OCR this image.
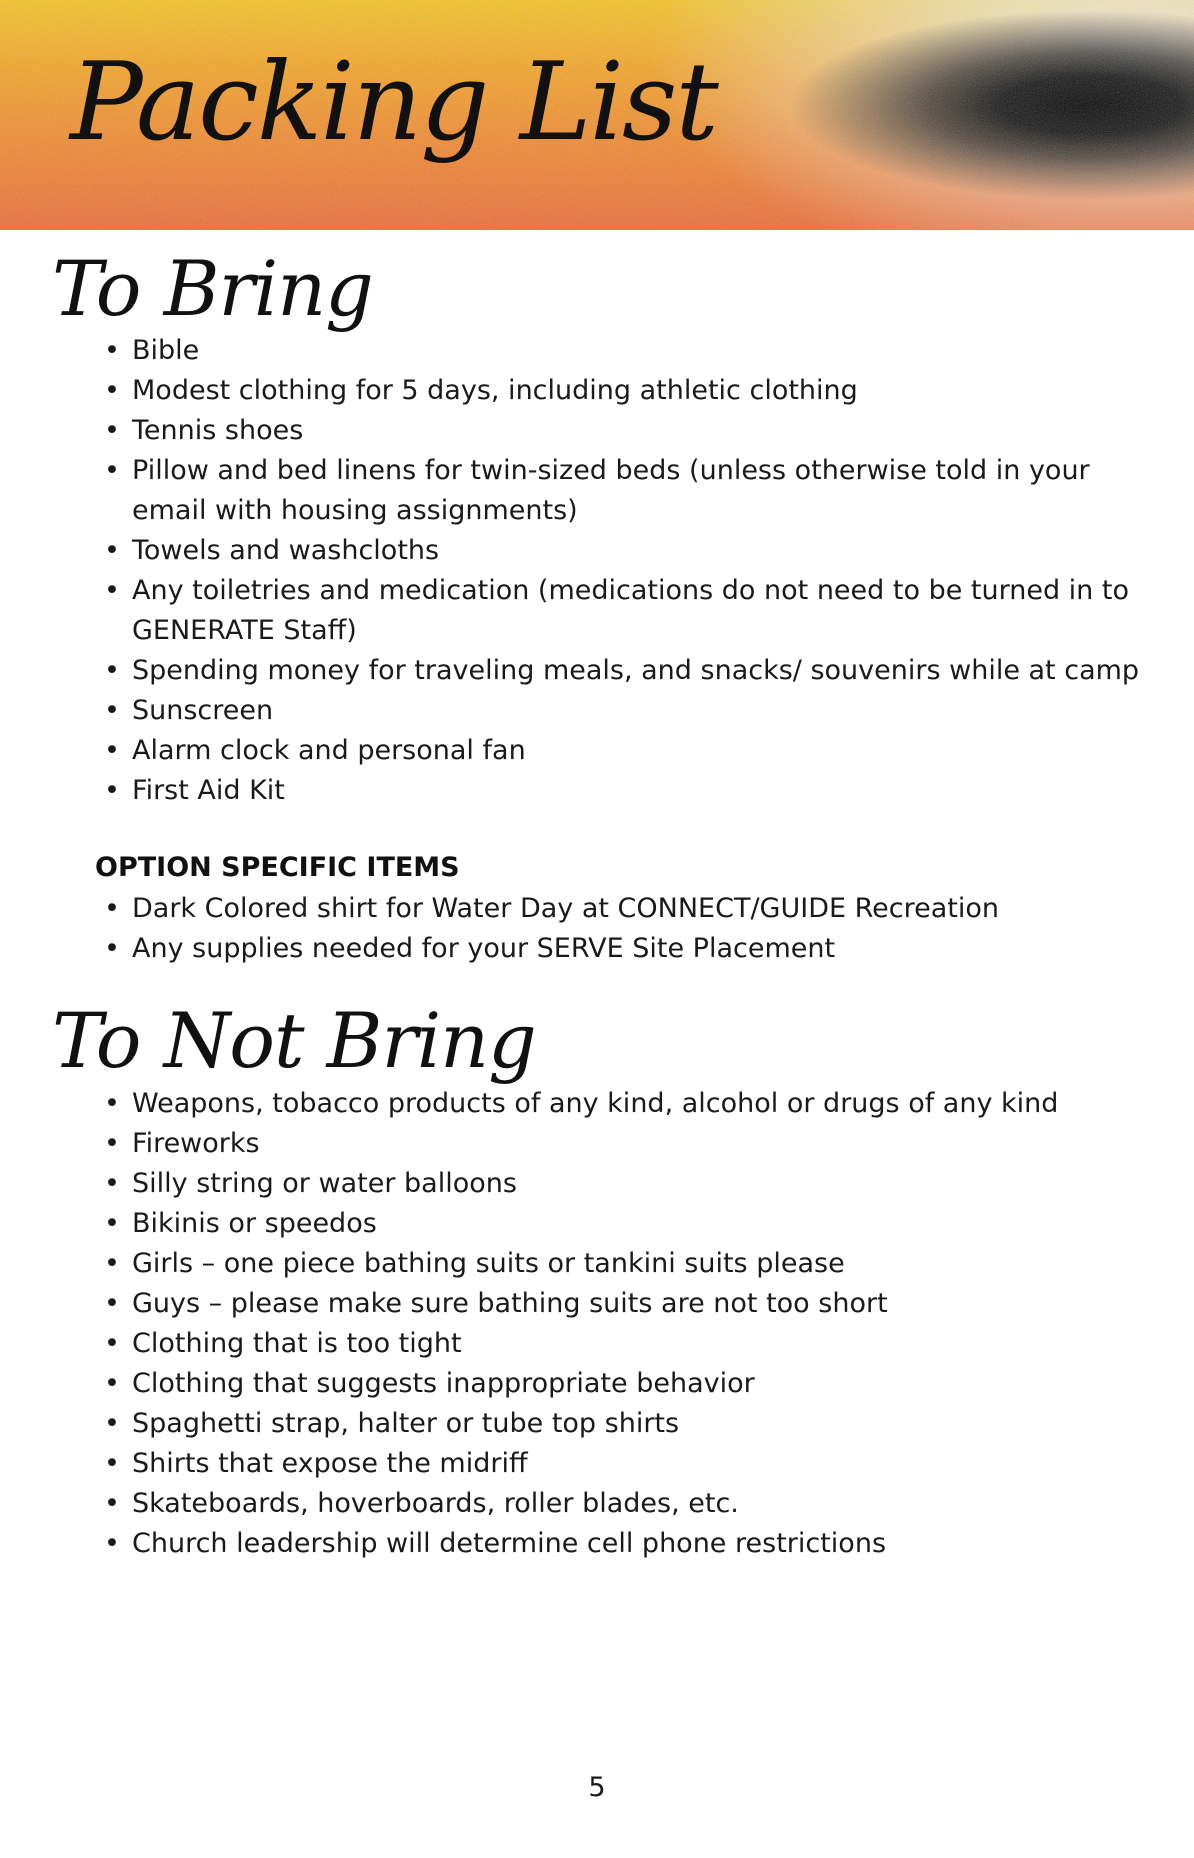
Packing List
To Bring
• Bible
• Modest clothing for 5 days, including athletic clothing
• Tennis shoes
• Pillow and bed linens for twin-sized beds (unless otherwise told in your email with housing assignments)
• Towels and washcloths
• Any toiletries and medication (medications do not need to be turned in to GENERATE Staff)
• Spending money for traveling meals, and snacks/ souvenirs while at camp
• Sunscreen
• Alarm clock and personal fan
• First Aid Kit
OPTION SPECIFIC ITEMS
• Dark Colored shirt for Water Day at CONNECT/GUIDE Recreation
• Any supplies needed for your SERVE Site Placement
To Not Bring
• Weapons, tobacco products of any kind, alcohol or drugs of any kind
• Fireworks
• Silly string or water balloons
• Bikinis or speedos
• Girls – one piece bathing suits or tankini suits please
• Guys – please make sure bathing suits are not too short
• Clothing that is too tight
• Clothing that suggests inappropriate behavior
• Spaghetti strap, halter or tube top shirts
• Shirts that expose the midriff
• Skateboards, hoverboards, roller blades, etc.
• Church leadership will determine cell phone restrictions
5
